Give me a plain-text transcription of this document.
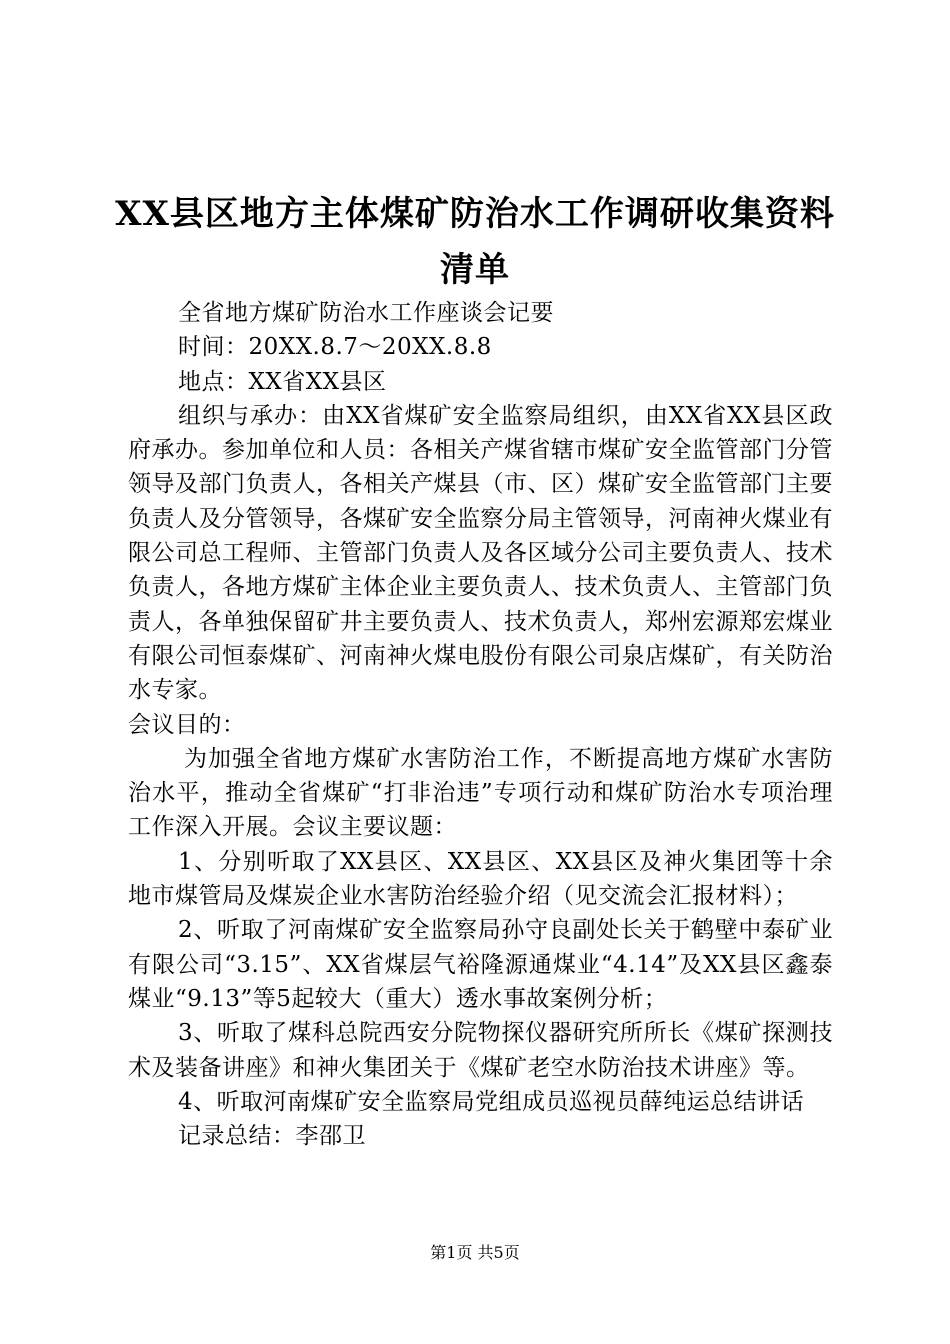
XX县区地方主体煤矿防治水工作调研收集资料清单

全省地方煤矿防治水工作座谈会记要

时间：20XX.8.7～20XX.8.8

地点：XX省XX县区

组织与承办：由XX省煤矿安全监察局组织，由XX省XX县区政府承办。参加单位和人员：各相关产煤省辖市煤矿安全监管部门分管领导及部门负责人，各相关产煤县（市、区）煤矿安全监管部门主要负责人及分管领导，各煤矿安全监察分局主管领导，河南神火煤业有限公司总工程师、主管部门负责人及各区域分公司主要负责人、技术负责人，各地方煤矿主体企业主要负责人、技术负责人、主管部门负责人，各单独保留矿井主要负责人、技术负责人，郑州宏源郑宏煤业有限公司恒泰煤矿、河南神火煤电股份有限公司泉店煤矿，有关防治水专家。

会议目的：

为加强全省地方煤矿水害防治工作，不断提高地方煤矿水害防治水平，推动全省煤矿“打非治违”专项行动和煤矿防治水专项治理工作深入开展。会议主要议题：

1、分别听取了XX县区、XX县区、XX县区及神火集团等十余地市煤管局及煤炭企业水害防治经验介绍（见交流会汇报材料）；

2、听取了河南煤矿安全监察局孙守良副处长关于鹤壁中泰矿业有限公司“3.15”、XX省煤层气裕隆源通煤业“4.14”及XX县区鑫泰煤业“9.13”等5起较大（重大）透水事故案例分析；

3、听取了煤科总院西安分院物探仪器研究所所长《煤矿探测技术及装备讲座》和神火集团关于《煤矿老空水防治技术讲座》等。

4、听取河南煤矿安全监察局党组成员巡视员薛纯运总结讲话

记录总结：李邵卫

第1页 共5页
